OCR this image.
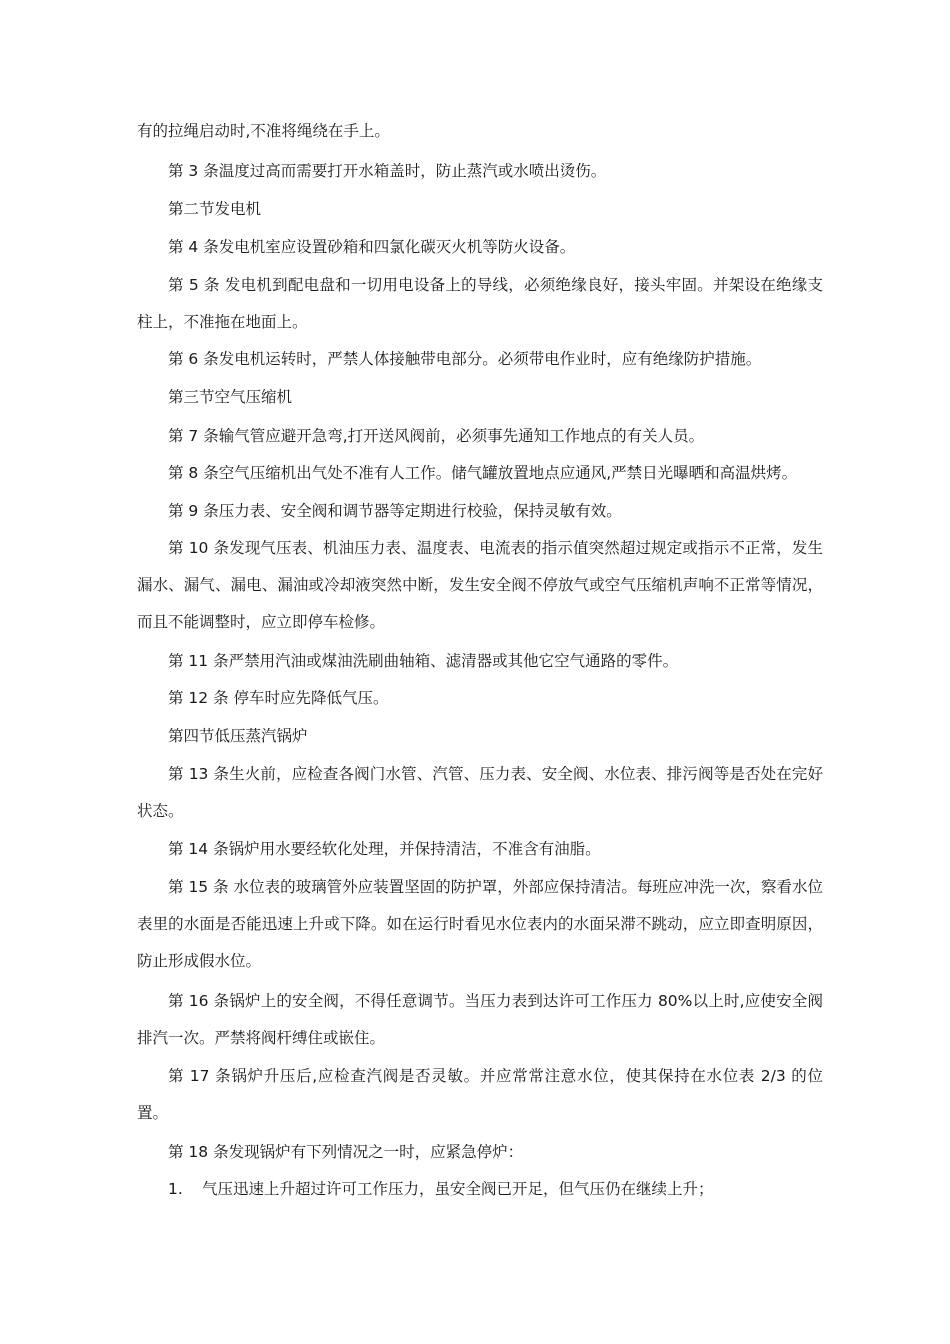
有的拉绳启动时,不准将绳绕在手上。

第 3 条温度过高而需要打开水箱盖时，防止蒸汽或水喷出烫伤。

第二节发电机

第 4 条发电机室应设置砂箱和四氯化碳灭火机等防火设备。

第 5 条 发电机到配电盘和一切用电设备上的导线，必须绝缘良好，接头牢固。并架设在绝缘支柱上，不准拖在地面上。

第 6 条发电机运转时，严禁人体接触带电部分。必须带电作业时，应有绝缘防护措施。

第三节空气压缩机

第 7 条输气管应避开急弯,打开送风阀前，必须事先通知工作地点的有关人员。

第 8 条空气压缩机出气处不准有人工作。储气罐放置地点应通风,严禁日光曝晒和高温烘烤。

第 9 条压力表、安全阀和调节器等定期进行校验，保持灵敏有效。

第 10 条发现气压表、机油压力表、温度表、电流表的指示值突然超过规定或指示不正常，发生漏水、漏气、漏电、漏油或冷却液突然中断，发生安全阀不停放气或空气压缩机声响不正常等情况，而且不能调整时，应立即停车检修。

第 11 条严禁用汽油或煤油洗刷曲轴箱、滤清器或其他它空气通路的零件。

第 12 条 停车时应先降低气压。

第四节低压蒸汽锅炉

第 13 条生火前，应检查各阀门水管、汽管、压力表、安全阀、水位表、排污阀等是否处在完好状态。

第 14 条锅炉用水要经软化处理，并保持清洁，不准含有油脂。

第 15 条 水位表的玻璃管外应装置坚固的防护罩，外部应保持清洁。每班应冲洗一次，察看水位表里的水面是否能迅速上升或下降。如在运行时看见水位表内的水面呆滞不跳动，应立即查明原因，防止形成假水位。

第 16 条锅炉上的安全阀，不得任意调节。当压力表到达许可工作压力 80%以上时,应使安全阀排汽一次。严禁将阀杆缚住或嵌住。

第 17 条锅炉升压后,应检查汽阀是否灵敏。并应常常注意水位，使其保持在水位表 2/3 的位置。

第 18 条发现锅炉有下列情况之一时，应紧急停炉：

1.	气压迅速上升超过许可工作压力，虽安全阀已开足，但气压仍在继续上升；
